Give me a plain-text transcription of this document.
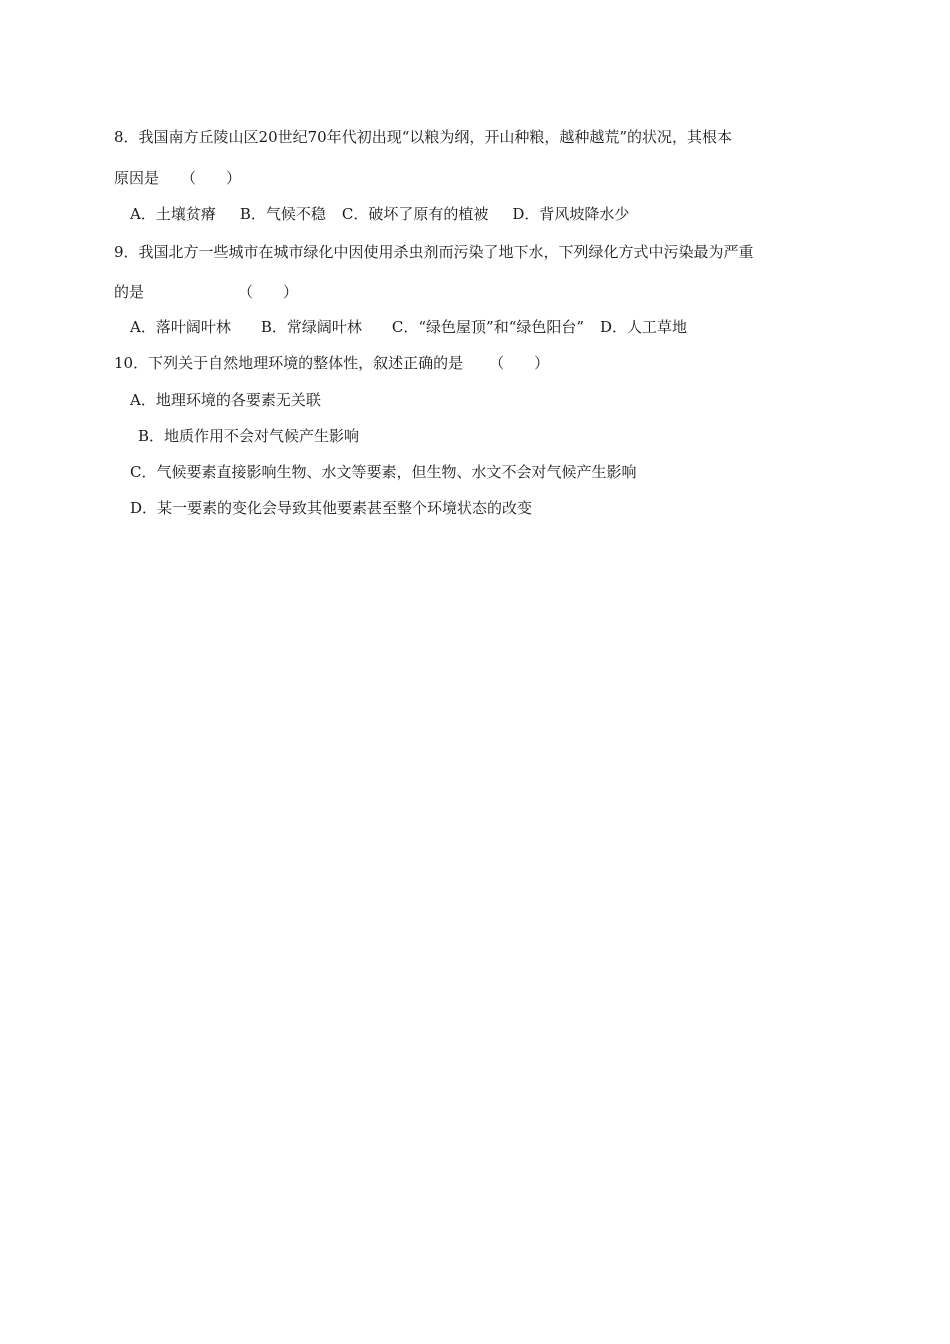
8．我国南方丘陵山区20世纪70年代初出现“以粮为纲，开山种粮，越种越荒”的状况，其根本
原因是 （　　）
A．土壤贫瘠 B．气候不稳 C．破坏了原有的植被 D．背风坡降水少
9．我国北方一些城市在城市绿化中因使用杀虫剂而污染了地下水，下列绿化方式中污染最为严重
的是	（　　）
A．落叶阔叶林 B．常绿阔叶林 C．“绿色屋顶”和“绿色阳台” D．人工草地
10．下列关于自然地理环境的整体性，叙述正确的是 （　　）
A．地理环境的各要素无关联
B．地质作用不会对气候产生影响
C．气候要素直接影响生物、水文等要素，但生物、水文不会对气候产生影响
D．某一要素的变化会导致其他要素甚至整个环境状态的改变
